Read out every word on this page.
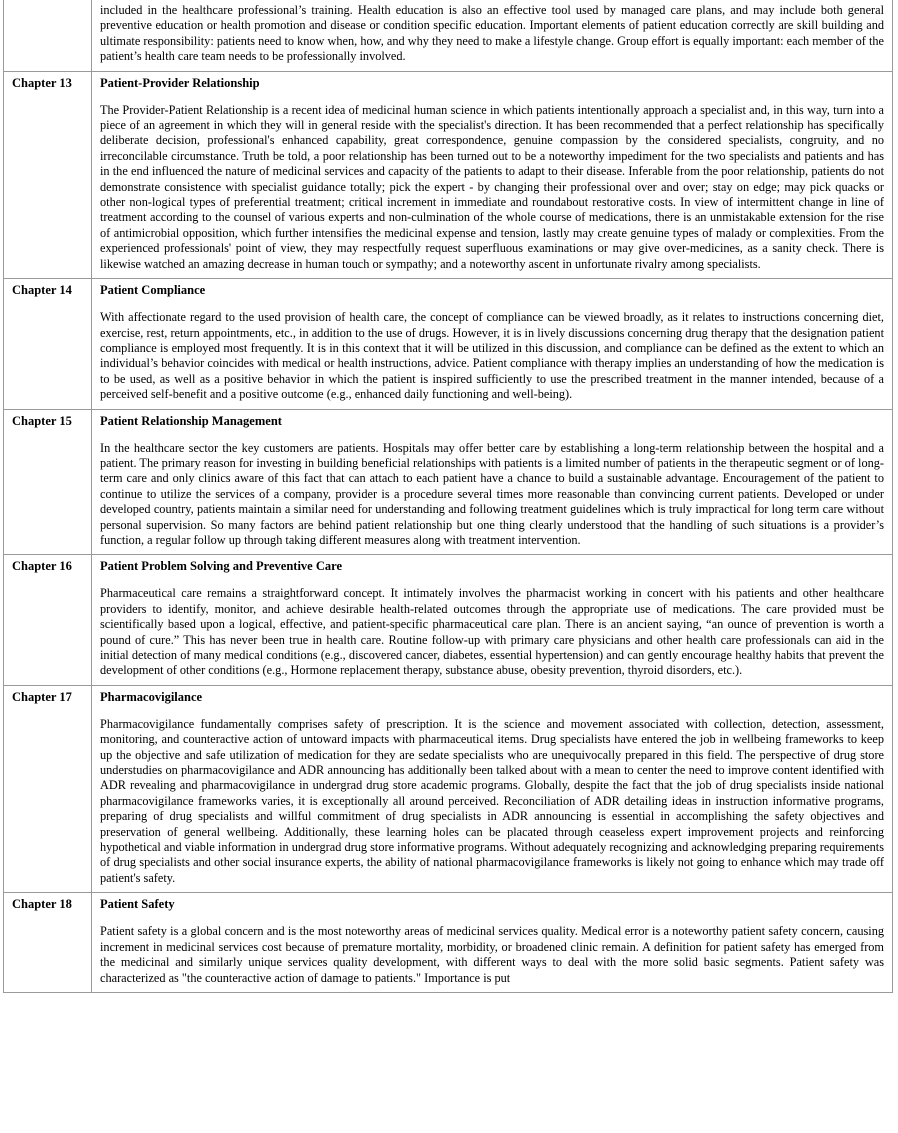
	included in the healthcare professional’s training. Health education is also an effective tool used by managed care plans, and may include both general preventive education or health promotion and disease or condition specific education. Important elements of patient education correctly are skill building and ultimate responsibility: patients need to know when, how, and why they need to make a lifestyle change. Group effort is equally important: each member of the patient’s health care team needs to be professionally involved.

Chapter 13	Patient-Provider Relationship

The Provider-Patient Relationship is a recent idea of medicinal human science in which patients intentionally approach a specialist and, in this way, turn into a piece of an agreement in which they will in general reside with the specialist's direction. It has been recommended that a perfect relationship has specifically deliberate decision, professional's enhanced capability, great correspondence, genuine compassion by the considered specialists, congruity, and no irreconcilable circumstance. Truth be told, a poor relationship has been turned out to be a noteworthy impediment for the two specialists and patients and has in the end influenced the nature of medicinal services and capacity of the patients to adapt to their disease. Inferable from the poor relationship, patients do not demonstrate consistence with specialist guidance totally; pick the expert - by changing their professional over and over; stay on edge; may pick quacks or other non-logical types of preferential treatment; critical increment in immediate and roundabout restorative costs. In view of intermittent change in line of treatment according to the counsel of various experts and non-culmination of the whole course of medications, there is an unmistakable extension for the rise of antimicrobial opposition, which further intensifies the medicinal expense and tension, lastly may create genuine types of malady or complexities. From the experienced professionals' point of view, they may respectfully request superfluous examinations or may give over-medicines, as a sanity check. There is likewise watched an amazing decrease in human touch or sympathy; and a noteworthy ascent in unfortunate rivalry among specialists.

Chapter 14	Patient Compliance

With affectionate regard to the used provision of health care, the concept of compliance can be viewed broadly, as it relates to instructions concerning diet, exercise, rest, return appointments, etc., in addition to the use of drugs. However, it is in lively discussions concerning drug therapy that the designation patient compliance is employed most frequently. It is in this context that it will be utilized in this discussion, and compliance can be defined as the extent to which an individual’s behavior coincides with medical or health instructions, advice. Patient compliance with therapy implies an understanding of how the medication is to be used, as well as a positive behavior in which the patient is inspired sufficiently to use the prescribed treatment in the manner intended, because of a perceived self-benefit and a positive outcome (e.g., enhanced daily functioning and well-being).

Chapter 15	Patient Relationship Management

In the healthcare sector the key customers are patients. Hospitals may offer better care by establishing a long-term relationship between the hospital and a patient. The primary reason for investing in building beneficial relationships with patients is a limited number of patients in the therapeutic segment or of long-term care and only clinics aware of this fact that can attach to each patient have a chance to build a sustainable advantage. Encouragement of the patient to continue to utilize the services of a company, provider is a procedure several times more reasonable than convincing current patients. Developed or under developed country, patients maintain a similar need for understanding and following treatment guidelines which is truly impractical for long term care without personal supervision. So many factors are behind patient relationship but one thing clearly understood that the handling of such situations is a provider’s function, a regular follow up through taking different measures along with treatment intervention.

Chapter 16	Patient Problem Solving and Preventive Care

Pharmaceutical care remains a straightforward concept. It intimately involves the pharmacist working in concert with his patients and other healthcare providers to identify, monitor, and achieve desirable health-related outcomes through the appropriate use of medications. The care provided must be scientifically based upon a logical, effective, and patient-specific pharmaceutical care plan. There is an ancient saying, “an ounce of prevention is worth a pound of cure.” This has never been true in health care. Routine follow-up with primary care physicians and other health care professionals can aid in the initial detection of many medical conditions (e.g., discovered cancer, diabetes, essential hypertension) and can gently encourage healthy habits that prevent the development of other conditions (e.g., Hormone replacement therapy, substance abuse, obesity prevention, thyroid disorders, etc.).

Chapter 17	Pharmacovigilance

Pharmacovigilance fundamentally comprises safety of prescription. It is the science and movement associated with collection, detection, assessment, monitoring, and counteractive action of untoward impacts with pharmaceutical items. Drug specialists have entered the job in wellbeing frameworks to keep up the objective and safe utilization of medication for they are sedate specialists who are unequivocally prepared in this field. The perspective of drug store understudies on pharmacovigilance and ADR announcing has additionally been talked about with a mean to center the need to improve content identified with ADR revealing and pharmacovigilance in undergrad drug store academic programs. Globally, despite the fact that the job of drug specialists inside national pharmacovigilance frameworks varies, it is exceptionally all around perceived. Reconciliation of ADR detailing ideas in instruction informative programs, preparing of drug specialists and willful commitment of drug specialists in ADR announcing is essential in accomplishing the safety objectives and preservation of general wellbeing. Additionally, these learning holes can be placated through ceaseless expert improvement projects and reinforcing hypothetical and viable information in undergrad drug store informative programs. Without adequately recognizing and acknowledging preparing requirements of drug specialists and other social insurance experts, the ability of national pharmacovigilance frameworks is likely not going to enhance which may trade off patient's safety.

Chapter 18	Patient Safety

Patient safety is a global concern and is the most noteworthy areas of medicinal services quality. Medical error is a noteworthy patient safety concern, causing increment in medicinal services cost because of premature mortality, morbidity, or broadened clinic remain. A definition for patient safety has emerged from the medicinal and similarly unique services quality development, with different ways to deal with the more solid basic segments. Patient safety was characterized as "the counteractive action of damage to patients." Importance is put
